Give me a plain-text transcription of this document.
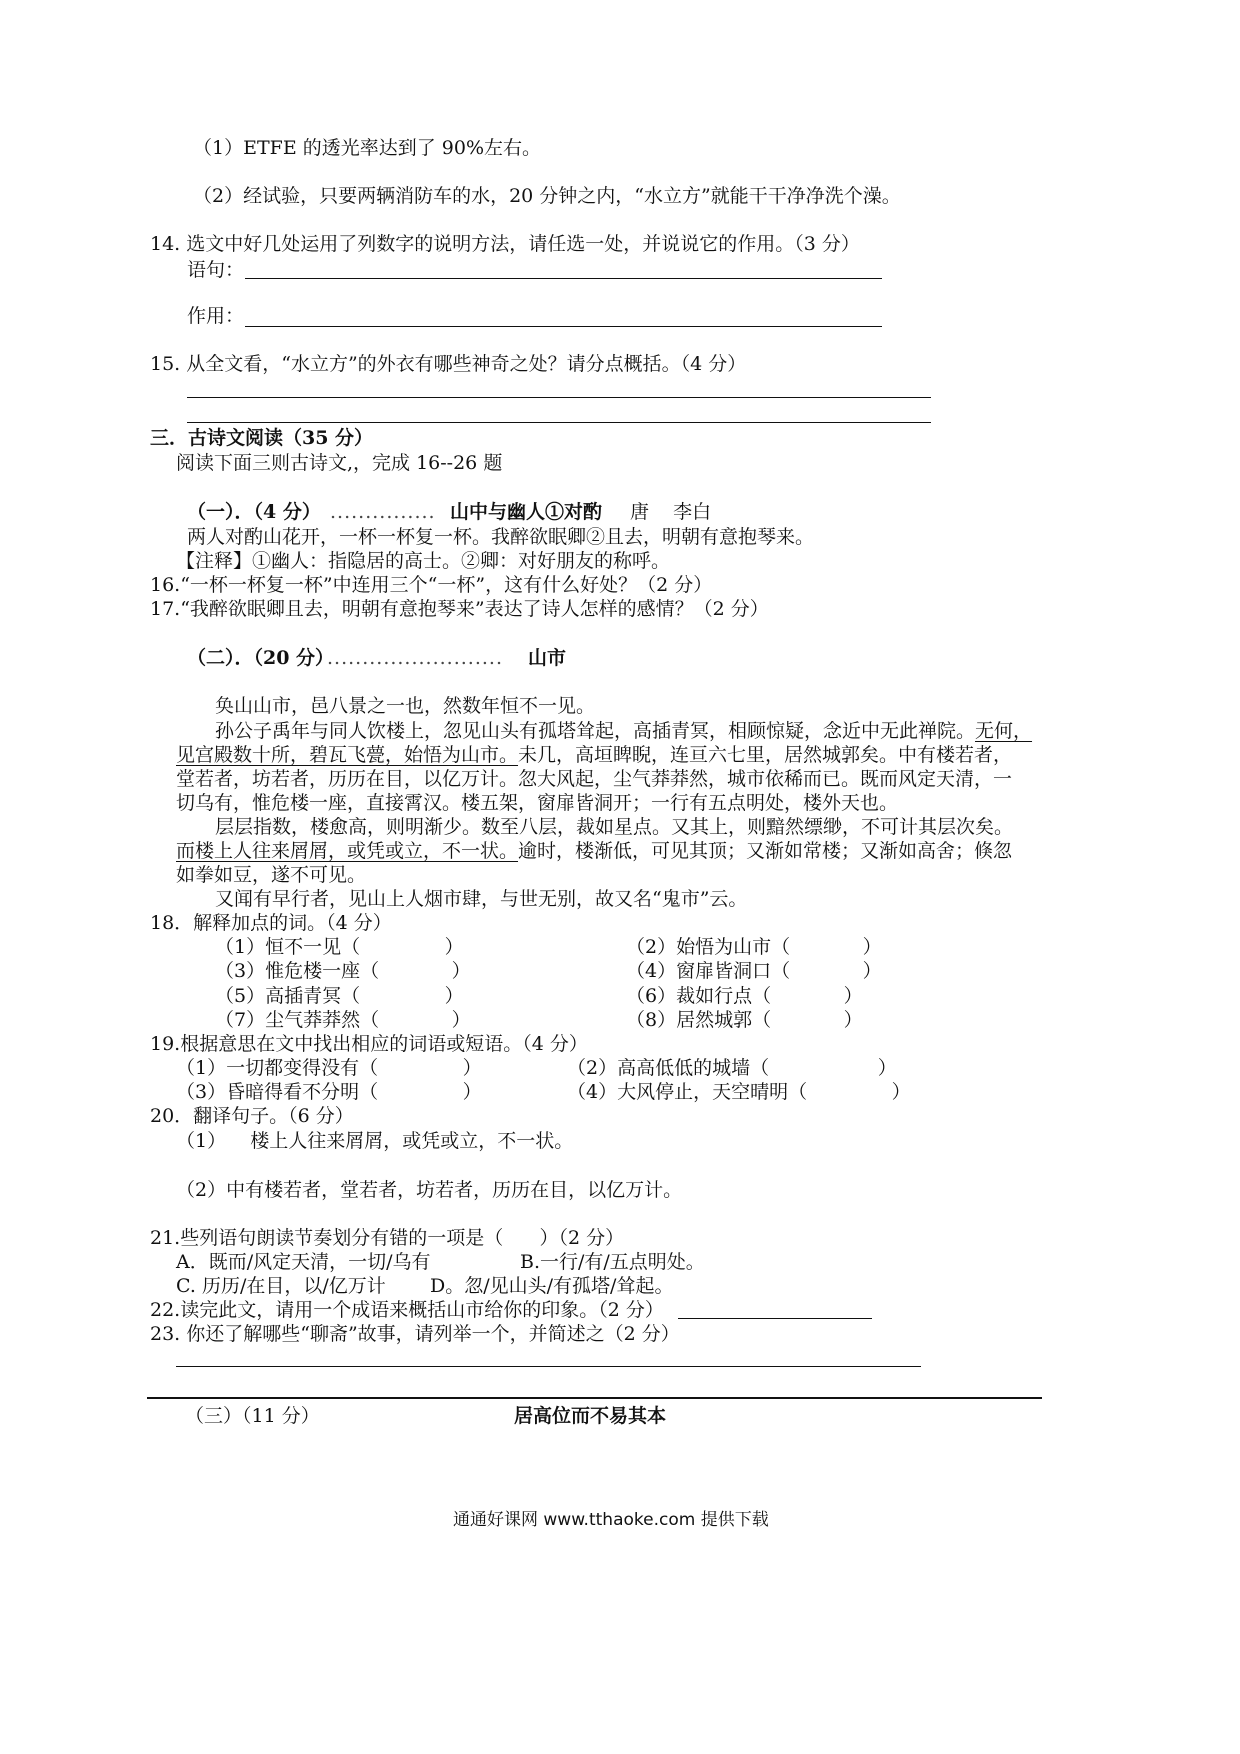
（1）ETFE 的透光率达到了 90%左右。
（2）经试验，只要两辆消防车的水，20 分钟之内，“水立方”就能干干净净洗个澡。
14. 选文中好几处运用了列数字的说明方法，请任选一处，并说说它的作用。（3 分）
语句：
作用：
15. 从全文看，“水立方”的外衣有哪些神奇之处？请分点概括。（4 分）
三．古诗文阅读（35 分）
阅读下面三则古诗文,，完成 16--26 题
（一）．（4 分） ............... 山中与幽人①对酌 唐    李白
两人对酌山花开，一杯一杯复一杯。我醉欲眠卿②且去，明朝有意抱琴来。
【注释】①幽人：指隐居的高士。②卿：对好朋友的称呼。
16.“一杯一杯复一杯”中连用三个“一杯”，这有什么好处？（2 分）
17.“我醉欲眠卿且去，明朝有意抱琴来”表达了诗人怎样的感情？（2 分）
（二）．（20 分）
......................... 山市
奂山山市，邑八景之一也，然数年恒不一见。
孙公子禹年与同人饮楼上，忽见山头有孤塔耸起，高插青冥，相顾惊疑，念近中无此禅院。无何，
见宫殿数十所，碧瓦飞甍，始悟为山市。未几，高垣睥睨，连亘六七里，居然城郭矣。中有楼若者，
堂若者，坊若者，历历在目，以亿万计。忽大风起，尘气莽莽然，城市依稀而已。既而风定天清，一
切乌有，惟危楼一座，直接霄汉。楼五架，窗扉皆洞开；一行有五点明处，楼外天也。
层层指数，楼愈高，则明渐少。数至八层，裁如星点。又其上，则黯然缥缈，不可计其层次矣。
而楼上人往来屑屑，或凭或立，不一状。逾时，楼渐低，可见其顶；又渐如常楼；又渐如高舍；倏忽
如拳如豆，遂不可见。
又闻有早行者，见山上人烟市肆，与世无别，故又名“鬼市”云。
18．解释加点的词。（4 分）
（1）恒不一见（              ）	（2）始悟为山市（            ）
（3）惟危楼一座（            ）	（4）窗扉皆洞口（            ）
（5）高插青冥（              ）	（6）裁如行点（            ）
（7）尘气莽莽然（            ）	（8）居然城郭（            ）
19.根据意思在文中找出相应的词语或短语。（4 分）
（1）一切都变得没有（              ）	（2）高高低低的城墙（                  ）
（3）昏暗得看不分明（              ）	（4）大风停止，天空晴明（              ）
20．翻译句子。（6 分）
（1）    楼上人往来屑屑，或凭或立，不一状。
（2）中有楼若者，堂若者，坊若者，历历在目，以亿万计。
21.些列语句朗读节奏划分有错的一项是（      ）（2 分）
A．既而/风定天清，一切/乌有	B.一行/有/五点明处。
C. 历历/在目，以/亿万计 D。忽/见山头/有孤塔/耸起。
22.读完此文，请用一个成语来概括山市给你的印象。（2 分）
23. 你还了解哪些“聊斋”故事，请列举一个，并简述之（2 分）
（三）（11 分）	居高位而不易其本
通通好课网 www.tthaoke.com 提供下载
